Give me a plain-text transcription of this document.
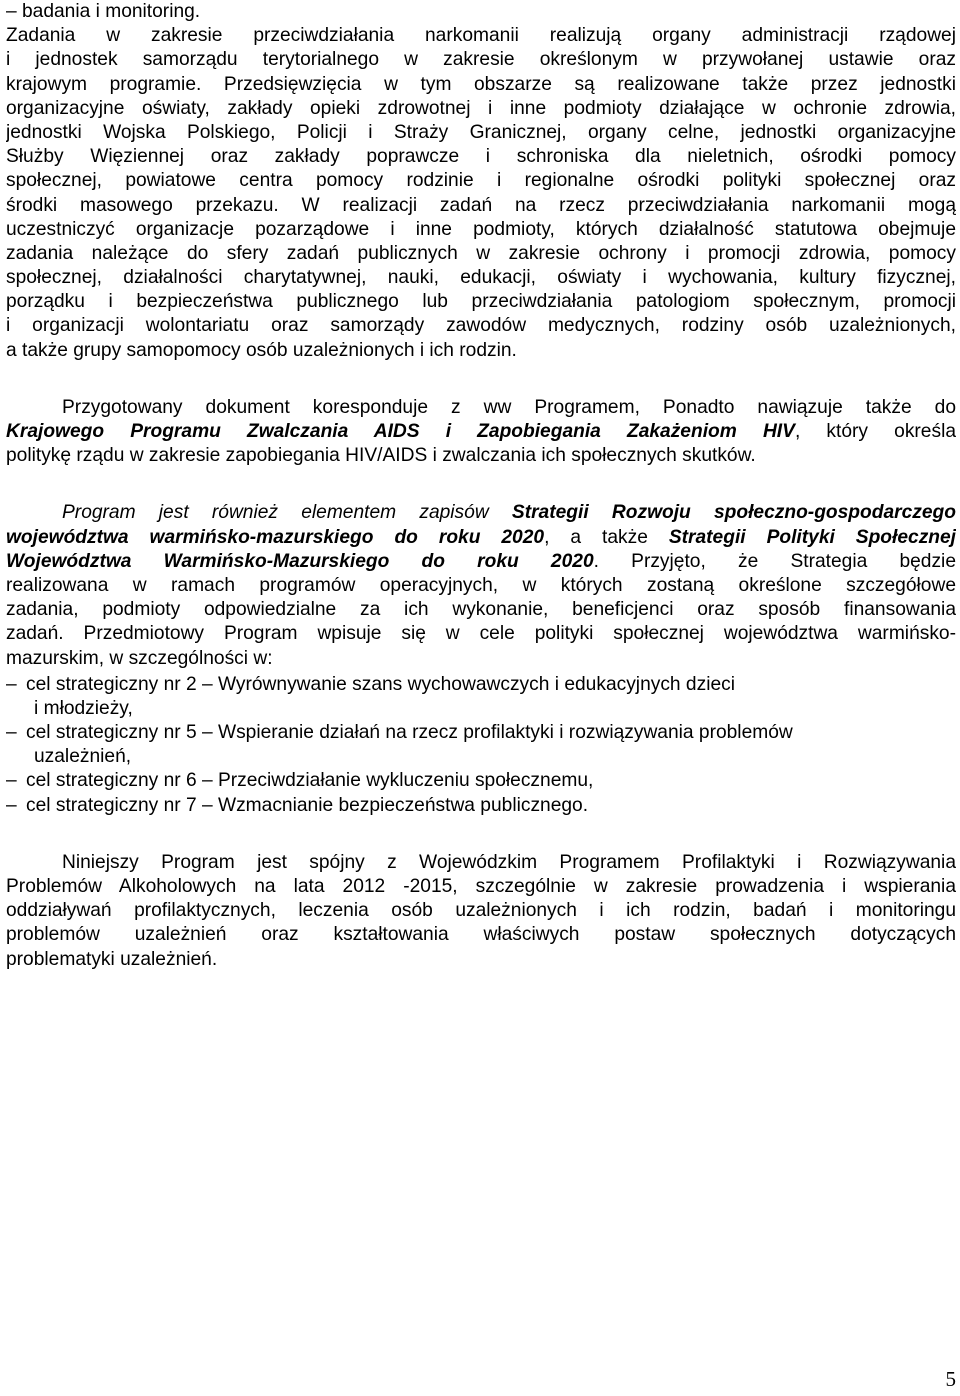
– badania i monitoring.
Zadania w zakresie przeciwdziałania narkomanii realizują organy administracji rządowej
i jednostek samorządu terytorialnego w zakresie określonym w przywołanej ustawie oraz
krajowym programie. Przedsięwzięcia w tym obszarze są realizowane także przez jednostki
organizacyjne oświaty, zakłady opieki zdrowotnej i inne podmioty działające w ochronie zdrowia,
jednostki Wojska Polskiego, Policji i Straży Granicznej, organy celne, jednostki organizacyjne
Służby Więziennej oraz zakłady poprawcze i schroniska dla nieletnich, ośrodki pomocy
społecznej, powiatowe centra pomocy rodzinie i regionalne ośrodki polityki społecznej oraz
środki masowego przekazu. W realizacji zadań na rzecz przeciwdziałania narkomanii mogą
uczestniczyć organizacje pozarządowe i inne podmioty, których działalność statutowa obejmuje
zadania należące do sfery zadań publicznych w zakresie ochrony i promocji zdrowia, pomocy
społecznej, działalności charytatywnej, nauki, edukacji, oświaty i wychowania, kultury fizycznej,
porządku i bezpieczeństwa publicznego lub przeciwdziałania patologiom społecznym, promocji
i organizacji wolontariatu oraz samorządy zawodów medycznych, rodziny osób uzależnionych,
a także grupy samopomocy osób uzależnionych i ich rodzin.
Przygotowany dokument koresponduje z ww Programem, Ponadto nawiązuje także do
Krajowego Programu Zwalczania AIDS i Zapobiegania Zakażeniom HIV, który określa
politykę rządu w zakresie zapobiegania HIV/AIDS i zwalczania ich społecznych skutków.
Program jest również elementem zapisów Strategii Rozwoju społeczno-gospodarczego
województwa warmińsko-mazurskiego do roku 2020, a także Strategii Polityki Społecznej
Województwa Warmińsko-Mazurskiego do roku 2020. Przyjęto, że Strategia będzie
realizowana w ramach programów operacyjnych, w których zostaną określone szczegółowe
zadania, podmioty odpowiedzialne za ich wykonanie, beneficjenci oraz sposób finansowania
zadań. Przedmiotowy Program wpisuje się w cele polityki społecznej województwa warmińsko-
mazurskim, w szczególności w:
– cel strategiczny nr 2 – Wyrównywanie szans wychowawczych i edukacyjnych dzieci
i młodzieży,
– cel strategiczny nr 5 – Wspieranie działań na rzecz profilaktyki i rozwiązywania problemów
uzależnień,
– cel strategiczny nr 6 – Przeciwdziałanie wykluczeniu społecznemu,
– cel strategiczny nr 7 – Wzmacnianie bezpieczeństwa publicznego.
Niniejszy Program jest spójny z Wojewódzkim Programem Profilaktyki i Rozwiązywania
Problemów Alkoholowych na lata 2012 -2015, szczególnie w zakresie prowadzenia i wspierania
oddziaływań profilaktycznych, leczenia osób uzależnionych i ich rodzin, badań i monitoringu
problemów uzależnień oraz kształtowania właściwych postaw społecznych dotyczących
problematyki uzależnień.
5
